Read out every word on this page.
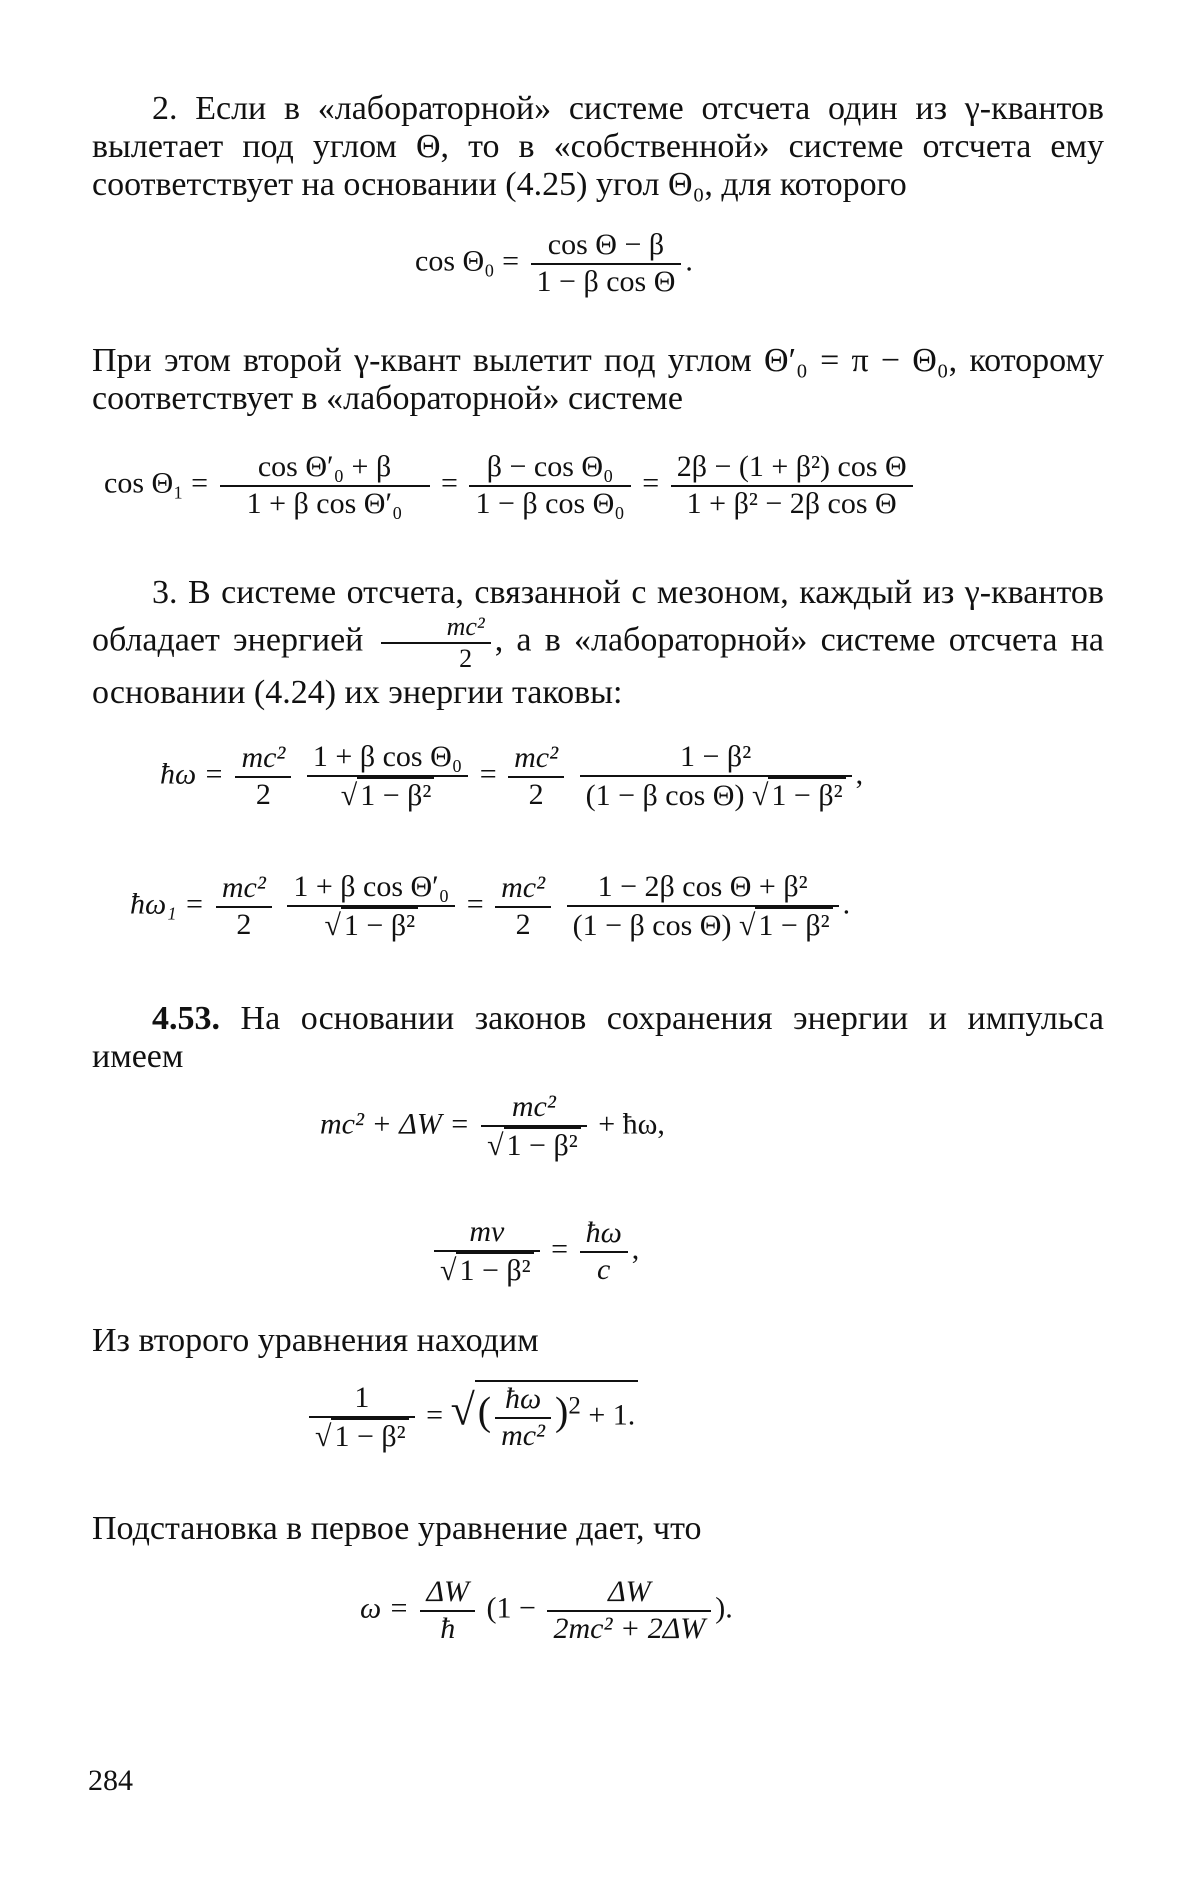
2. Если в «лабораторной» системе отсчета один из γ-квантов вылетает под углом Θ, то в «собственной» системе отсчета ему соответствует на основании (4.25) угол Θ₀, для которого

$\cos \Theta_0 = \frac{\text{cos Θ − β}}{\text{1 − β cos Θ}}$ .

При этом второй γ-квант вылетит под углом Θ′₀ = π − Θ₀, которому соответствует в «лабораторной» системе

$\cos \Theta_1 = \frac{\text{cos Θ′₀ + β}}{\text{1 + β cos Θ′₀}} = \frac{\text{β − cos Θ₀}}{\text{1 − β cos Θ₀}} = \frac{\text{2β − (1 + β²) cos Θ}}{\text{1 + β² − 2β cos Θ}}$

3. В системе отсчета, связанной с мезоном, каждый из γ-квантов обладает энергией $\frac{\text{mc²}}{2}$ , а в «лабораторной» системе отсчета на основании (4.24) их энергии таковы:

ħω = $\frac{\text{mc²}}{2}$
$\frac{\text{1 + β cos Θ₀}}{\text{√ 1 − β²}} = \frac{\text{mc²}}{2}$
$\frac{\text{1 − β²}}{\text{(1 − β cos Θ) √ 1 − β²}}$ ,
ħω₁ = $\frac{\text{mc²}}{2}$
$\frac{\text{1 + β cos Θ′₀}}{\text{√ 1 − β²}} = \frac{\text{mc²}}{2}$
$\frac{\text{1 − 2β cos Θ + β²}}{\text{(1 − β cos Θ) √ 1 − β²}}$ .

4.53. На основании законов сохранения энергии и импульса имеем

$mc^2 + \Delta W = \frac{\text{mc²}}{\text{√ 1 − β²}}$ + ħω,
$\frac{mv}{\text{√ 1 − β²}} = \frac{ħ\omega}{c}$ ,

Из второго уравнения находим

$\frac{1}{\text{√ 1 − β²}}$ = √( $\frac{ħ\omega}{\text{mc²}} )^2 + 1$.

Подстановка в первое уравнение дает, что

$\omega = \frac{\Delta W}{ħ} (1 - \frac{\Delta W}{\text{2mc² + 2ΔW}}$ ).
284
